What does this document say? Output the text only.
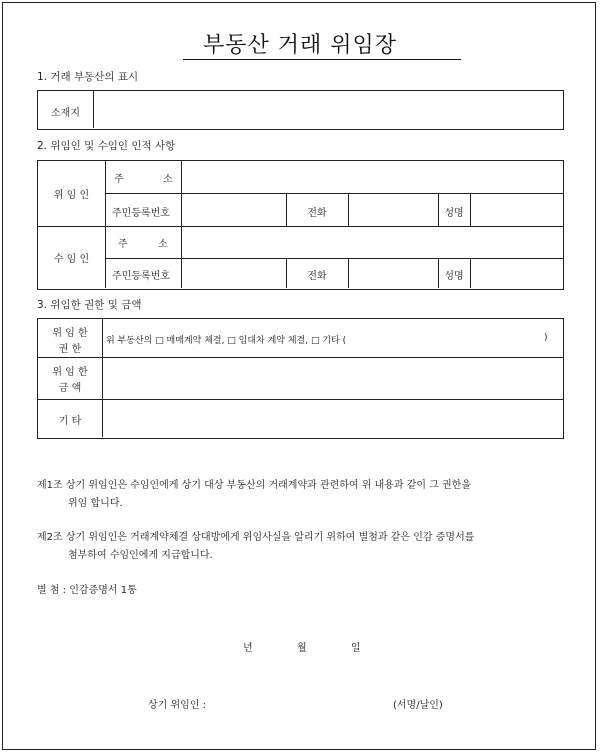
부동산 거래 위임장
1. 거래 부동산의 표시
소재지
2. 위임인 및 수임인 인적 사항
위 임 인
주	소
주민등록번호	전화	성명
수 임 인
주	소
주민등록번호	전화	성명
3. 위임한 권한 및 금액
위 임 한
권 한
위 부동산의 □ 매매계약 체결, □ 임대차 계약 체결, □ 기타 (	)
위 임 한
금 액
기 타
제1조 상기 위임인은 수임인에게 상기 대상 부동산의 거래계약과 관련하여 위 내용과 같이 그 권한을
위임 합니다.
제2조 상기 위임인은 거래계약체결 상대방에게 위임사실을 알리기 위하여 별첨과 같은 인감 증명서를
첨부하여 수임인에게 지급합니다.
별 첨 : 인감증명서 1통
년	월	일
상기 위임인 :	(서명/날인)
